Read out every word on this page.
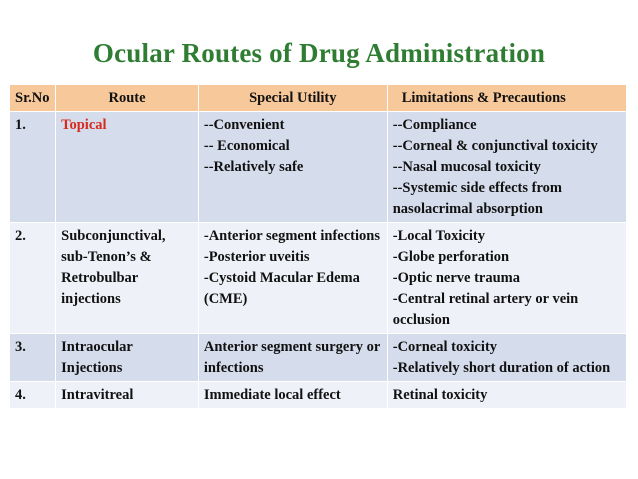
Ocular Routes of Drug Administration
Sr.No	Route	Special Utility	Limitations & Precautions
1.	Topical	--Convenient
-- Economical
--Relatively safe	--Compliance
--Corneal & conjunctival toxicity
--Nasal mucosal toxicity
--Systemic side effects from nasolacrimal absorption

2.	Subconjunctival, sub-Tenon’s & Retrobulbar injections	-Anterior segment infections
-Posterior uveitis
-Cystoid Macular Edema (CME)	-Local Toxicity
-Globe perforation
-Optic nerve trauma
-Central retinal artery or vein occlusion

3.	Intraocular Injections	Anterior segment surgery or infections	-Corneal toxicity
-Relatively short duration of action

4.	Intravitreal	Immediate local effect	Retinal toxicity
